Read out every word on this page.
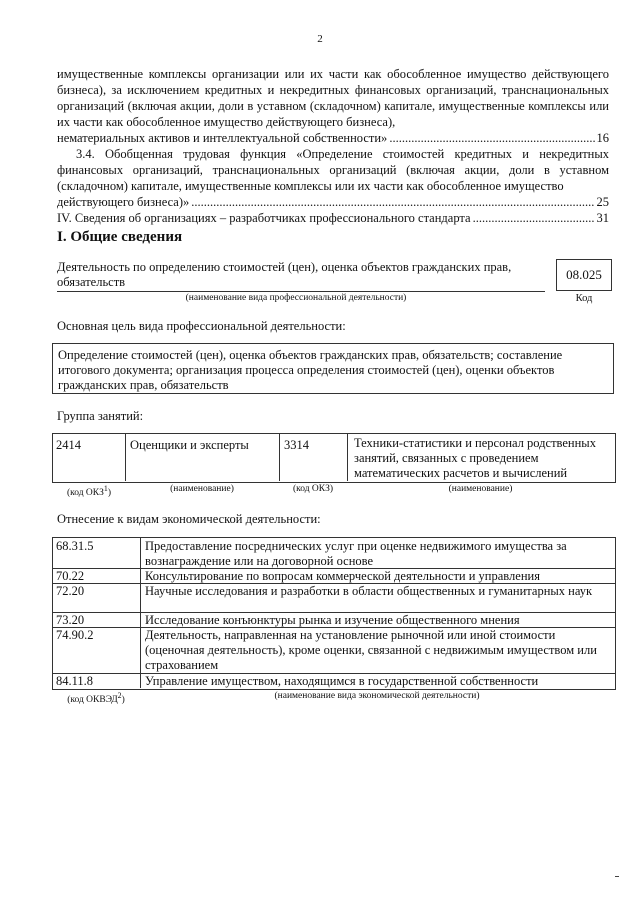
2

имущественные комплексы организации или их части как обособленное имущество действующего бизнеса), за исключением кредитных и некредитных финансовых организаций, транснациональных организаций (включая акции, доли в уставном (складочном) капитале, имущественные комплексы или их части как обособленное имущество действующего бизнеса),

нематериальных активов и интеллектуальной собственности» .....	16

3.4. Обобщенная трудовая функция «Определение стоимостей кредитных и некредитных финансовых организаций, транснациональных организаций (включая акции, доли в уставном (складочном) капитале, имущественные комплексы или их части как обособленное имущество

действующего бизнеса)» .....	25
IV. Сведения об организациях – разработчиках профессионального стандарта .....	31
I. Общие сведения
Деятельность по определению стоимостей (цен), оценка объектов гражданских прав, обязательств
(наименование вида профессиональной деятельности)
08.025
Код
Основная цель вида профессиональной деятельности:
Определение стоимостей (цен), оценка объектов гражданских прав, обязательств; составление итогового документа; организация процесса определения стоимостей (цен), оценки объектов гражданских прав, обязательств
Группа занятий:
2414	Оценщики и эксперты	3314	Техники-статистики и персонал родственных занятий, связанных с проведением математических расчетов и вычислений
(код ОКЗ$^1$)	(наименование)	(код ОКЗ)	(наименование)
Отнесение к видам экономической деятельности:
68.31.5	Предоставление посреднических услуг при оценке недвижимого имущества за вознаграждение или на договорной основе
70.22	Консультирование по вопросам коммерческой деятельности и управления
72.20	Научные исследования и разработки в области общественных и гуманитарных наук
73.20	Исследование конъюнктуры рынка и изучение общественного мнения
74.90.2	Деятельность, направленная на установление рыночной или иной стоимости (оценочная деятельность), кроме оценки, связанной с недвижимым имуществом или страхованием
84.11.8	Управление имуществом, находящимся в государственной собственности
(код ОКВЭД$^2$)	(наименование вида экономической деятельности)
